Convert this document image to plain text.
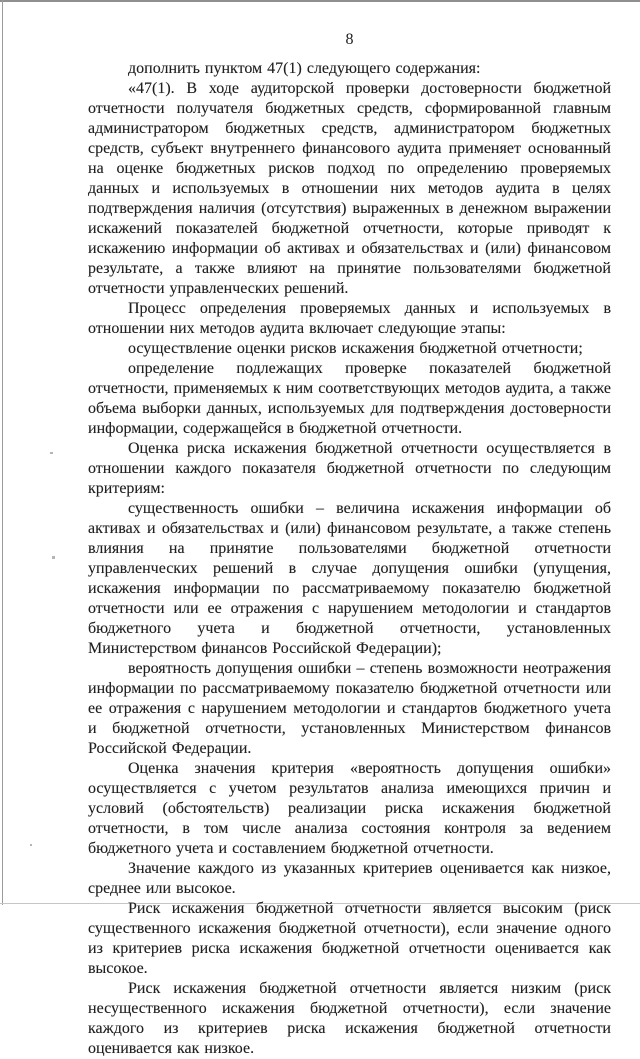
8

дополнить пунктом 47(1) следующего содержания:

«47(1). В ходе аудиторской проверки достоверности бюджетной отчетности получателя бюджетных средств, сформированной главным администратором бюджетных средств, администратором бюджетных средств, субъект внутреннего финансового аудита применяет основанный на оценке бюджетных рисков подход по определению проверяемых данных и используемых в отношении них методов аудита в целях подтверждения наличия (отсутствия) выраженных в денежном выражении искажений показателей бюджетной отчетности, которые приводят к искажению информации об активах и обязательствах и (или) финансовом результате, а также влияют на принятие пользователями бюджетной отчетности управленческих решений.

Процесс определения проверяемых данных и используемых в отношении них методов аудита включает следующие этапы:

осуществление оценки рисков искажения бюджетной отчетности;

определение подлежащих проверке показателей бюджетной отчетности, применяемых к ним соответствующих методов аудита, а также объема выборки данных, используемых для подтверждения достоверности информации, содержащейся в бюджетной отчетности.

Оценка риска искажения бюджетной отчетности осуществляется в отношении каждого показателя бюджетной отчетности по следующим критериям:

существенность ошибки – величина искажения информации об активах и обязательствах и (или) финансовом результате, а также степень влияния на принятие пользователями бюджетной отчетности управленческих решений в случае допущения ошибки (упущения, искажения информации по рассматриваемому показателю бюджетной отчетности или ее отражения с нарушением методологии и стандартов бюджетного учета и бюджетной отчетности, установленных Министерством финансов Российской Федерации);

вероятность допущения ошибки – степень возможности неотражения информации по рассматриваемому показателю бюджетной отчетности или ее отражения с нарушением методологии и стандартов бюджетного учета и бюджетной отчетности, установленных Министерством финансов Российской Федерации.

Оценка значения критерия «вероятность допущения ошибки» осуществляется с учетом результатов анализа имеющихся причин и условий (обстоятельств) реализации риска искажения бюджетной отчетности, в том числе анализа состояния контроля за ведением бюджетного учета и составлением бюджетной отчетности.

Значение каждого из указанных критериев оценивается как низкое, среднее или высокое.

Риск искажения бюджетной отчетности является высоким (риск существенного искажения бюджетной отчетности), если значение одного из критериев риска искажения бюджетной отчетности оценивается как высокое.

Риск искажения бюджетной отчетности является низким (риск несущественного искажения бюджетной отчетности), если значение каждого из критериев риска искажения бюджетной отчетности оценивается как низкое.
